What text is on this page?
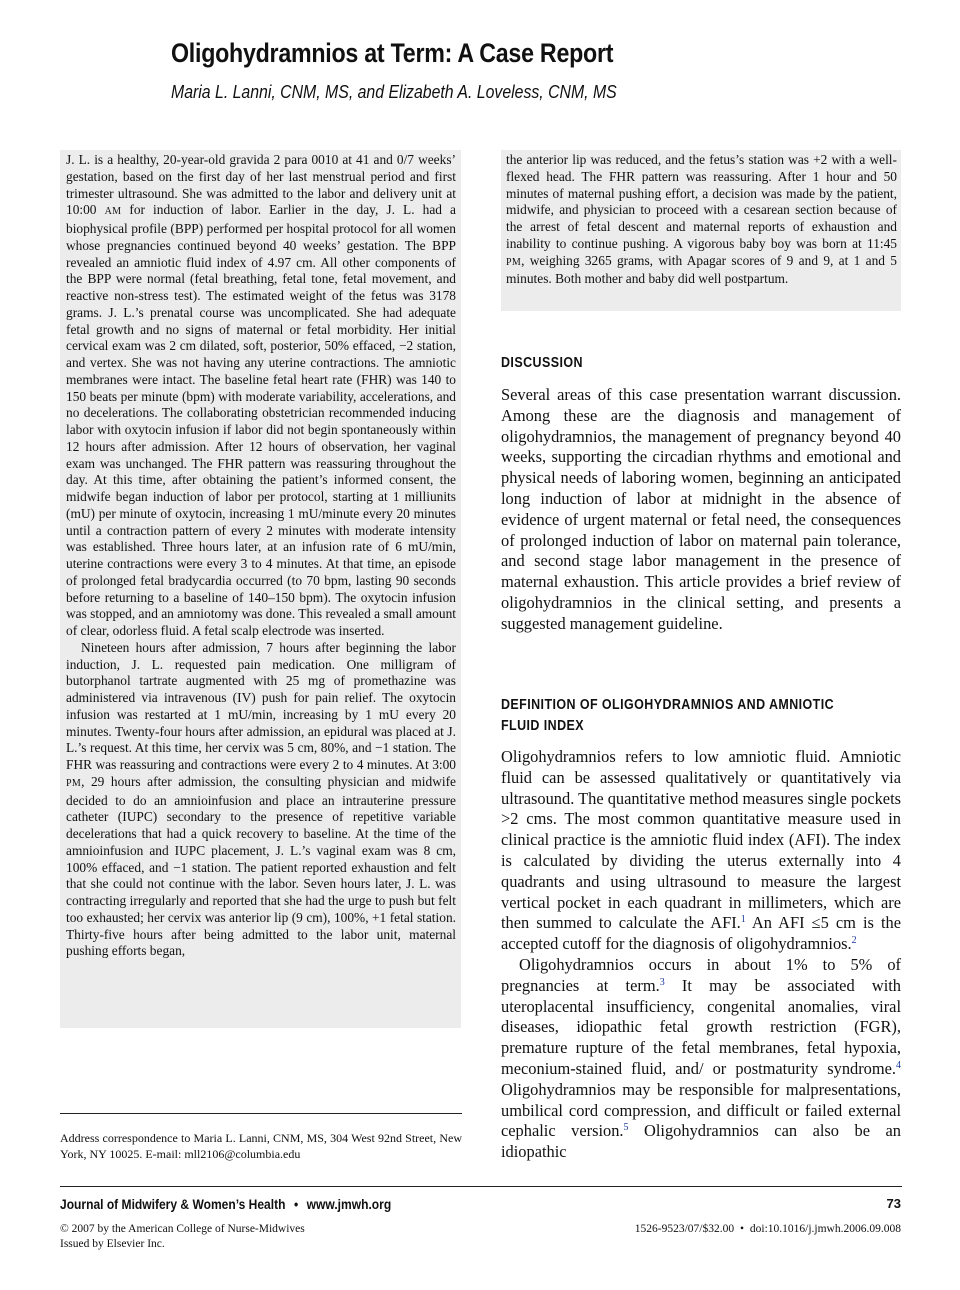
Oligohydramnios at Term: A Case Report
Maria L. Lanni, CNM, MS, and Elizabeth A. Loveless, CNM, MS

J. L. is a healthy, 20-year-old gravida 2 para 0010 at 41 and 0/7 weeks’ gestation, based on the first day of her last menstrual period and first trimester ultrasound. She was admitted to the labor and delivery unit at 10:00 AM for induction of labor. Earlier in the day, J. L. had a biophysical profile (BPP) performed per hospital protocol for all women whose pregnancies continued beyond 40 weeks’ gestation. The BPP revealed an amniotic fluid index of 4.97 cm. All other components of the BPP were normal (fetal breathing, fetal tone, fetal movement, and reactive non-stress test). The estimated weight of the fetus was 3178 grams. J. L.’s prenatal course was uncomplicated. She had adequate fetal growth and no signs of maternal or fetal morbidity. Her initial cervical exam was 2 cm dilated, soft, posterior, 50% effaced, −2 station, and vertex. She was not having any uterine contractions. The amniotic membranes were intact. The baseline fetal heart rate (FHR) was 140 to 150 beats per minute (bpm) with moderate variability, accelerations, and no decelerations. The collaborating obstetrician recommended inducing labor with oxytocin infusion if labor did not begin spontaneously within 12 hours after admission. After 12 hours of observation, her vaginal exam was unchanged. The FHR pattern was reassuring throughout the day. At this time, after obtaining the patient’s informed consent, the midwife began induction of labor per protocol, starting at 1 milliunits (mU) per minute of oxytocin, increasing 1 mU/minute every 20 minutes until a contraction pattern of every 2 minutes with moderate intensity was established. Three hours later, at an infusion rate of 6 mU/min, uterine contractions were every 3 to 4 minutes. At that time, an episode of prolonged fetal bradycardia occurred (to 70 bpm, lasting 90 seconds before returning to a baseline of 140–150 bpm). The oxytocin infusion was stopped, and an amniotomy was done. This revealed a small amount of clear, odorless fluid. A fetal scalp electrode was inserted.

Nineteen hours after admission, 7 hours after beginning the labor induction, J. L. requested pain medication. One milligram of butorphanol tartrate augmented with 25 mg of promethazine was administered via intravenous (IV) push for pain relief. The oxytocin infusion was restarted at 1 mU/min, increasing by 1 mU every 20 minutes. Twenty-four hours after admission, an epidural was placed at J. L.’s request. At this time, her cervix was 5 cm, 80%, and −1 station. The FHR was reassuring and contractions were every 2 to 4 minutes. At 3:00 PM, 29 hours after admission, the consulting physician and midwife decided to do an amnioinfusion and place an intrauterine pressure catheter (IUPC) secondary to the presence of repetitive variable decelerations that had a quick recovery to baseline. At the time of the amnioinfusion and IUPC placement, J. L.’s vaginal exam was 8 cm, 100% effaced, and −1 station. The patient reported exhaustion and felt that she could not continue with the labor. Seven hours later, J. L. was contracting irregularly and reported that she had the urge to push but felt too exhausted; her cervix was anterior lip (9 cm), 100%, +1 fetal station. Thirty-five hours after being admitted to the labor unit, maternal pushing efforts began,

the anterior lip was reduced, and the fetus’s station was +2 with a well-flexed head. The FHR pattern was reassuring. After 1 hour and 50 minutes of maternal pushing effort, a decision was made by the patient, midwife, and physician to proceed with a cesarean section because of the arrest of fetal descent and maternal reports of exhaustion and inability to continue pushing. A vigorous baby boy was born at 11:45 PM, weighing 3265 grams, with Apagar scores of 9 and 9, at 1 and 5 minutes. Both mother and baby did well postpartum.

DISCUSSION

Several areas of this case presentation warrant discussion. Among these are the diagnosis and management of oligohydramnios, the management of pregnancy beyond 40 weeks, supporting the circadian rhythms and emotional and physical needs of laboring women, beginning an anticipated long induction of labor at midnight in the absence of evidence of urgent maternal or fetal need, the consequences of prolonged induction of labor on maternal pain tolerance, and second stage labor management in the presence of maternal exhaustion. This article provides a brief review of oligohydramnios in the clinical setting, and presents a suggested management guideline.

DEFINITION OF OLIGOHYDRAMNIOS AND AMNIOTIC
FLUID INDEX

Oligohydramnios refers to low amniotic fluid. Amniotic fluid can be assessed qualitatively or quantitatively via ultrasound. The quantitative method measures single pockets >2 cms. The most common quantitative measure used in clinical practice is the amniotic fluid index (AFI). The index is calculated by dividing the uterus externally into 4 quadrants and using ultrasound to measure the largest vertical pocket in each quadrant in millimeters, which are then summed to calculate the AFI.$^1$ An AFI ≤5 cm is the accepted cutoff for the diagnosis of oligohydramnios.$^2$

Oligohydramnios occurs in about 1% to 5% of pregnancies at term.$^3$ It may be associated with uteroplacental insufficiency, congenital anomalies, viral diseases, idiopathic fetal growth restriction (FGR), premature rupture of the fetal membranes, fetal hypoxia, meconium-stained fluid, and/ or postmaturity syndrome.$^4$ Oligohydramnios may be responsible for malpresentations, umbilical cord compression, and difficult or failed external cephalic version.$^5$ Oligohydramnios can also be an idiopathic

Address correspondence to Maria L. Lanni, CNM, MS, 304 West 92nd Street, New York, NY 10025. E-mail: mll2106@columbia.edu
Journal of Midwifery & Women’s Health • www.jmwh.org	73
© 2007 by the American College of Nurse-Midwives
Issued by Elsevier Inc.
1526-9523/07/$32.00 • doi:10.1016/j.jmwh.2006.09.008
